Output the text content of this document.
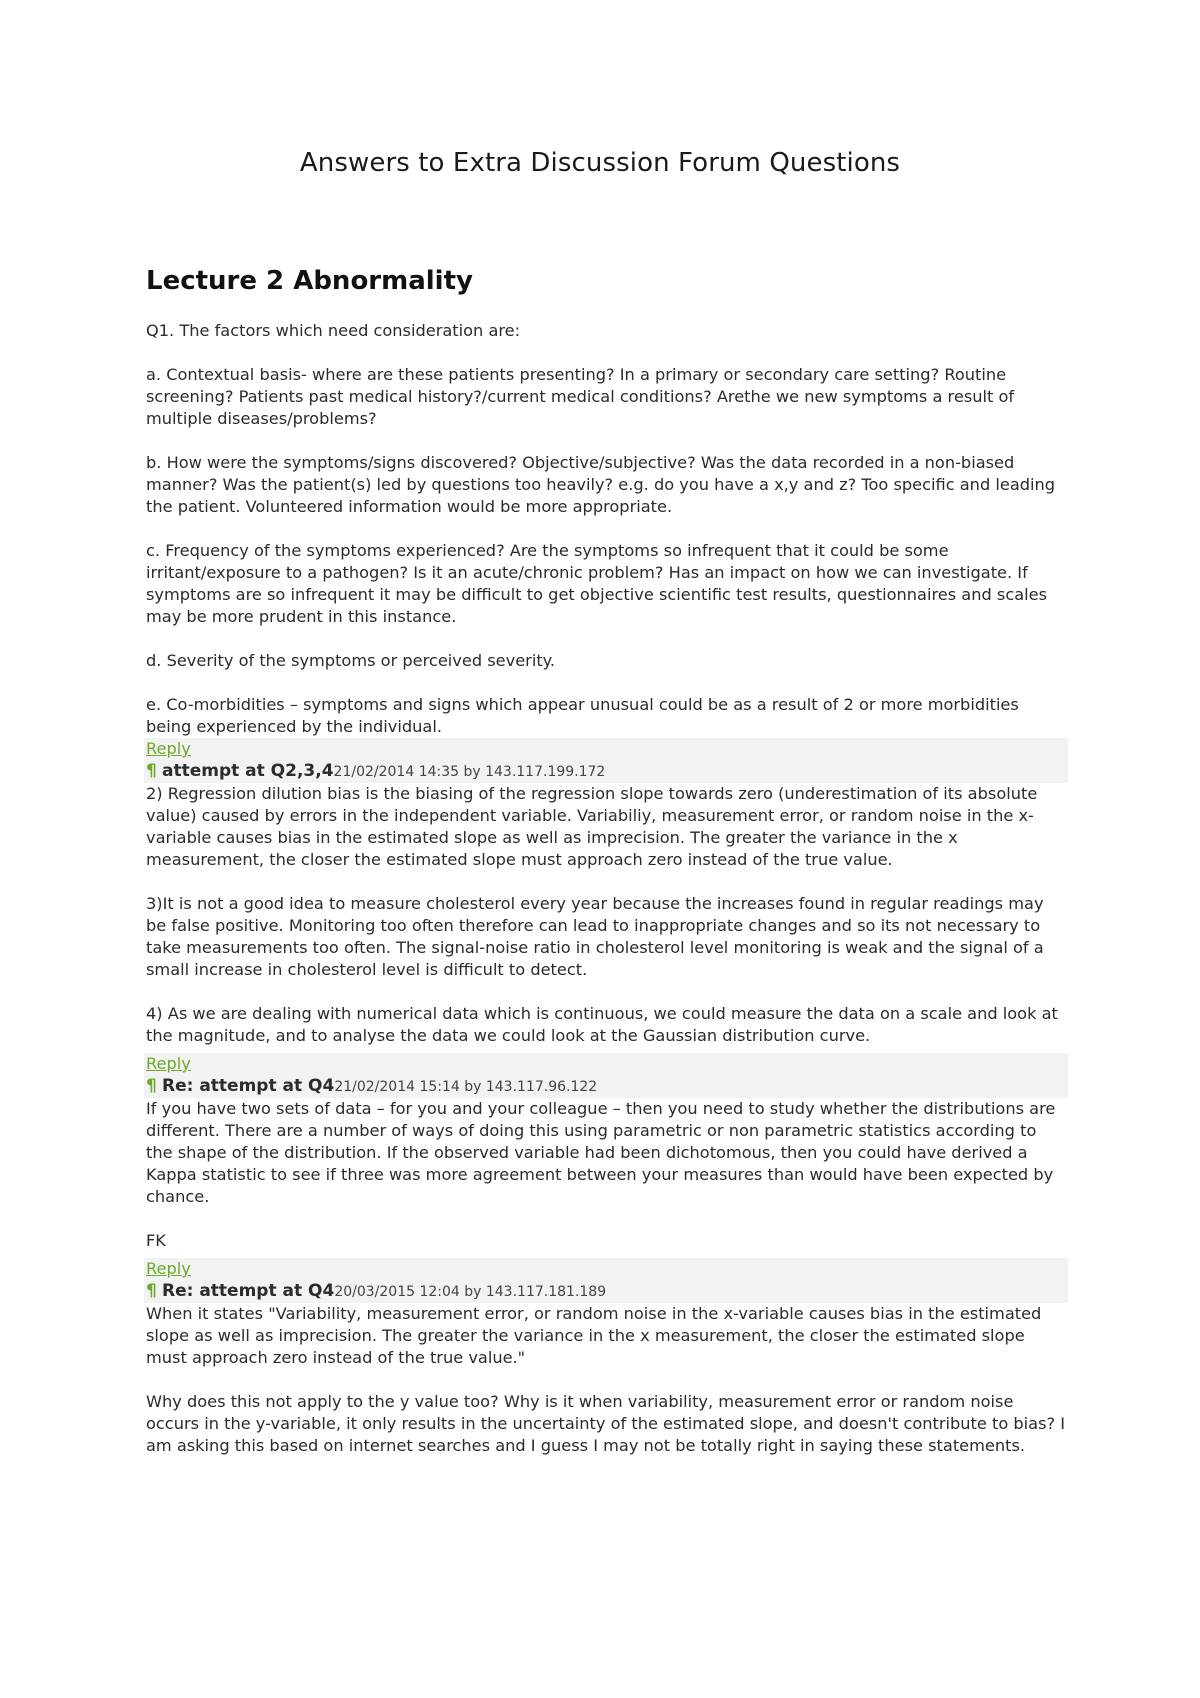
Answers to Extra Discussion Forum Questions
Lecture 2 Abnormality

Q1. The factors which need consideration are:

a. Contextual basis- where are these patients presenting? In a primary or secondary care setting? Routine screening? Patients past medical history?/current medical conditions? Arethe we new symptoms a result of multiple diseases/problems?

b. How were the symptoms/signs discovered? Objective/subjective? Was the data recorded in a non-biased manner? Was the patient(s) led by questions too heavily? e.g. do you have a x,y and z? Too specific and leading the patient. Volunteered information would be more appropriate.

c. Frequency of the symptoms experienced? Are the symptoms so infrequent that it could be some irritant/exposure to a pathogen? Is it an acute/chronic problem? Has an impact on how we can investigate. If symptoms are so infrequent it may be difficult to get objective scientific test results, questionnaires and scales may be more prudent in this instance.

d. Severity of the symptoms or perceived severity.

e. Co-morbidities – symptoms and signs which appear unusual could be as a result of 2 or more morbidities being experienced by the individual.

Reply
¶ attempt at Q2,3,421/02/2014 14:35 by 143.117.199.172

2) Regression dilution bias is the biasing of the regression slope towards zero (underestimation of its absolute value) caused by errors in the independent variable. Variabiliy, measurement error, or random noise in the x-variable causes bias in the estimated slope as well as imprecision. The greater the variance in the x measurement, the closer the estimated slope must approach zero instead of the true value.

3)It is not a good idea to measure cholesterol every year because the increases found in regular readings may be false positive. Monitoring too often therefore can lead to inappropriate changes and so its not necessary to take measurements too often. The signal-noise ratio in cholesterol level monitoring is weak and the signal of a small increase in cholesterol level is difficult to detect.

4) As we are dealing with numerical data which is continuous, we could measure the data on a scale and look at the magnitude, and to analyse the data we could look at the Gaussian distribution curve.

Reply
¶ Re: attempt at Q421/02/2014 15:14 by 143.117.96.122

If you have two sets of data – for you and your colleague – then you need to study whether the distributions are different. There are a number of ways of doing this using parametric or non parametric statistics according to the shape of the distribution. If the observed variable had been dichotomous, then you could have derived a Kappa statistic to see if three was more agreement between your measures than would have been expected by chance.

FK

Reply
¶ Re: attempt at Q420/03/2015 12:04 by 143.117.181.189

When it states "Variability, measurement error, or random noise in the x-variable causes bias in the estimated slope as well as imprecision. The greater the variance in the x measurement, the closer the estimated slope must approach zero instead of the true value."

Why does this not apply to the y value too? Why is it when variability, measurement error or random noise occurs in the y-variable, it only results in the uncertainty of the estimated slope, and doesn't contribute to bias? I am asking this based on internet searches and I guess I may not be totally right in saying these statements.
